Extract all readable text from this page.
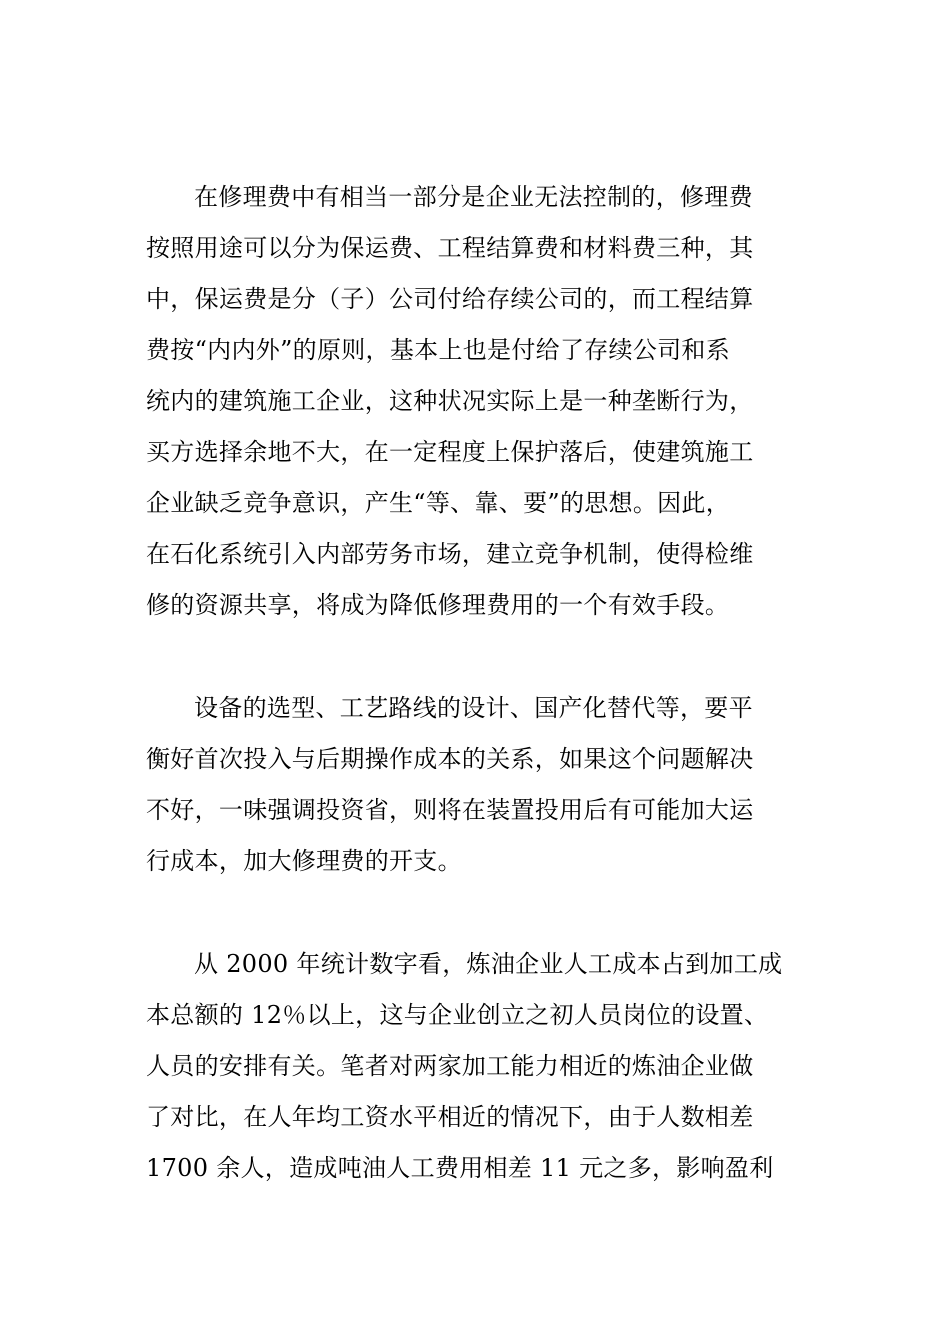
在修理费中有相当一部分是企业无法控制的，修理费
按照用途可以分为保运费、工程结算费和材料费三种，其
中，保运费是分（子）公司付给存续公司的，而工程结算
费按“内内外”的原则，基本上也是付给了存续公司和系
统内的建筑施工企业，这种状况实际上是一种垄断行为，
买方选择余地不大，在一定程度上保护落后，使建筑施工
企业缺乏竞争意识，产生“等、靠、要”的思想。因此，
在石化系统引入内部劳务市场，建立竞争机制，使得检维
修的资源共享，将成为降低修理费用的一个有效手段。
设备的选型、工艺路线的设计、国产化替代等，要平
衡好首次投入与后期操作成本的关系，如果这个问题解决
不好，一味强调投资省，则将在装置投用后有可能加大运
行成本，加大修理费的开支。
从 2000 年统计数字看，炼油企业人工成本占到加工成
本总额的 12％以上，这与企业创立之初人员岗位的设置、
人员的安排有关。笔者对两家加工能力相近的炼油企业做
了对比，在人年均工资水平相近的情况下，由于人数相差
1700 余人，造成吨油人工费用相差 11 元之多，影响盈利
